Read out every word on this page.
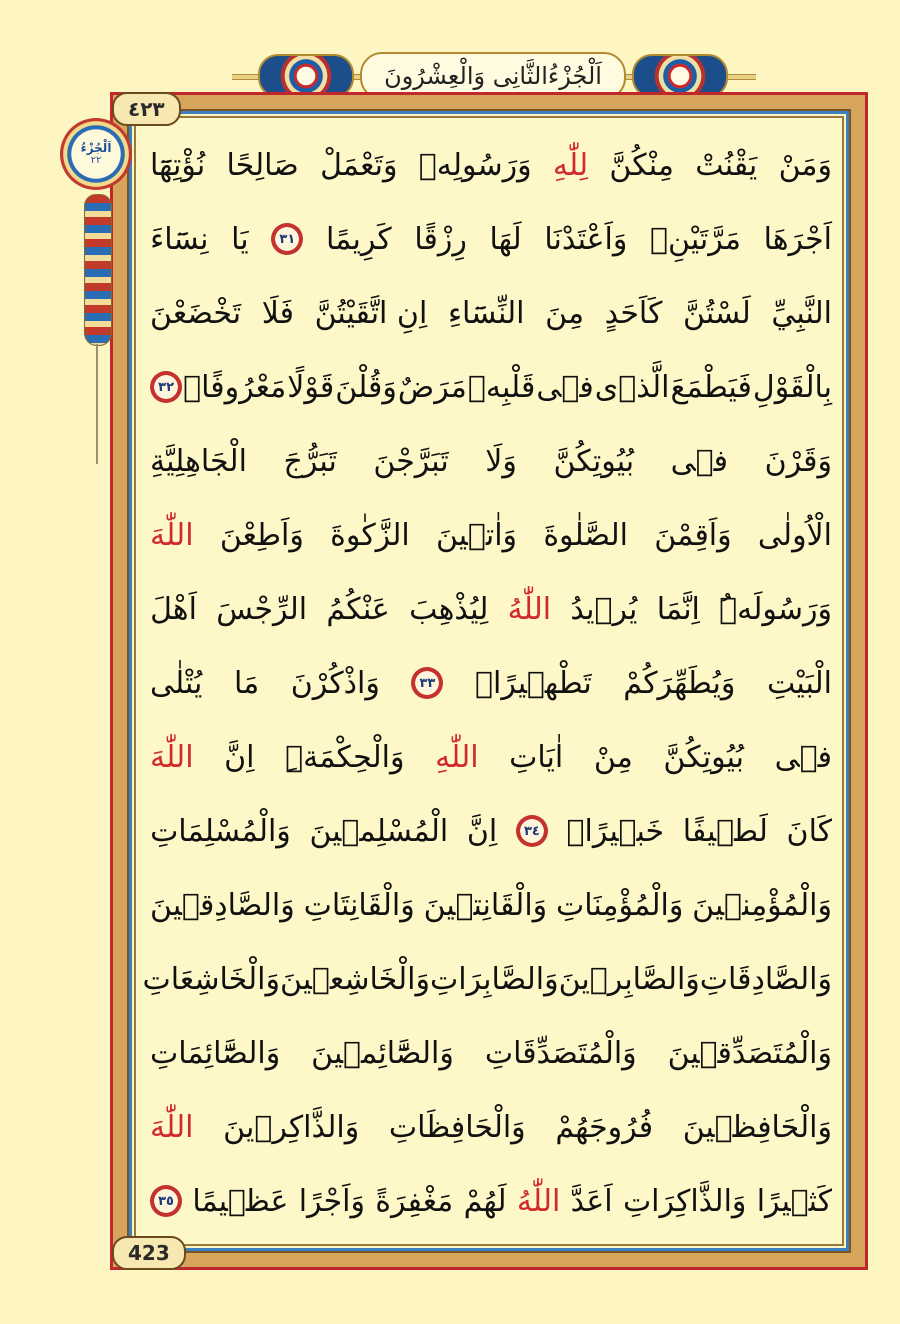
اَلْجُزْءُالثَّانِى وَالْعِشْرُونَ
٤٢٣
423
اَلْجُزْءُ
٢٢	وَمَنْ
يَقْنُتْ
مِنْكُنَّ
لِلّٰهِ
وَرَسُولِهٖ
وَتَعْمَلْ
صَالِحًا
نُؤْتِهَٓا
اَجْرَهَا
مَرَّتَيْنِۙ
وَاَعْتَدْنَا
لَهَا
رِزْقًا
كَرِيمًا
٣١
يَا
نِسَٓاءَ
النَّبِيِّ
لَسْتُنَّ
كَاَحَدٍ
مِنَ
النِّسَٓاءِ
اِنِ اتَّقَيْتُنَّ
فَلَا
تَخْضَعْنَ
بِالْقَوْلِ
فَيَطْمَعَ
الَّذٖى
فٖى
قَلْبِهٖ
مَرَضٌ
وَقُلْنَ
قَوْلًا
مَعْرُوفًاۚ
٣٢
وَقَرْنَ
فٖى
بُيُوتِكُنَّ
وَلَا
تَبَرَّجْنَ
تَبَرُّجَ
الْجَاهِلِيَّةِ
الْاُولٰى
وَاَقِمْنَ
الصَّلٰوةَ
وَاٰتٖينَ
الزَّكٰوةَ
وَاَطِعْنَ
اللّٰهَ
وَرَسُولَهُۜ
اِنَّمَا
يُرٖيدُ
اللّٰهُ
لِيُذْهِبَ
عَنْكُمُ
الرِّجْسَ
اَهْلَ
الْبَيْتِ
وَيُطَهِّرَكُمْ
تَطْهٖيرًاۚ
٣٣
وَاذْكُرْنَ
مَا
يُتْلٰى
فٖى
بُيُوتِكُنَّ
مِنْ
اٰيَاتِ
اللّٰهِ
وَالْحِكْمَةِۜ
اِنَّ
اللّٰهَ
كَانَ
لَطٖيفًا
خَبٖيرًاۚ
٣٤
اِنَّ
الْمُسْلِمٖينَ
وَالْمُسْلِمَاتِ
وَالْمُؤْمِنٖينَ
وَالْمُؤْمِنَاتِ
وَالْقَانِتٖينَ
وَالْقَانِتَاتِ
وَالصَّادِقٖينَ
وَالصَّادِقَاتِ
وَالصَّابِرٖينَ
وَالصَّابِرَاتِ
وَالْخَاشِعٖينَ
وَالْخَاشِعَاتِ
وَالْمُتَصَدِّقٖينَ
وَالْمُتَصَدِّقَاتِ
وَالصَّٓائِمٖينَ
وَالصَّٓائِمَاتِ
وَالْحَافِظٖينَ
فُرُوجَهُمْ
وَالْحَافِظَاتِ
وَالذَّاكِرٖينَ
اللّٰهَ
كَثٖيرًا
وَالذَّاكِرَاتِ
اَعَدَّ
اللّٰهُ
لَهُمْ
مَغْفِرَةً
وَاَجْرًا
عَظٖيمًا
٣٥
